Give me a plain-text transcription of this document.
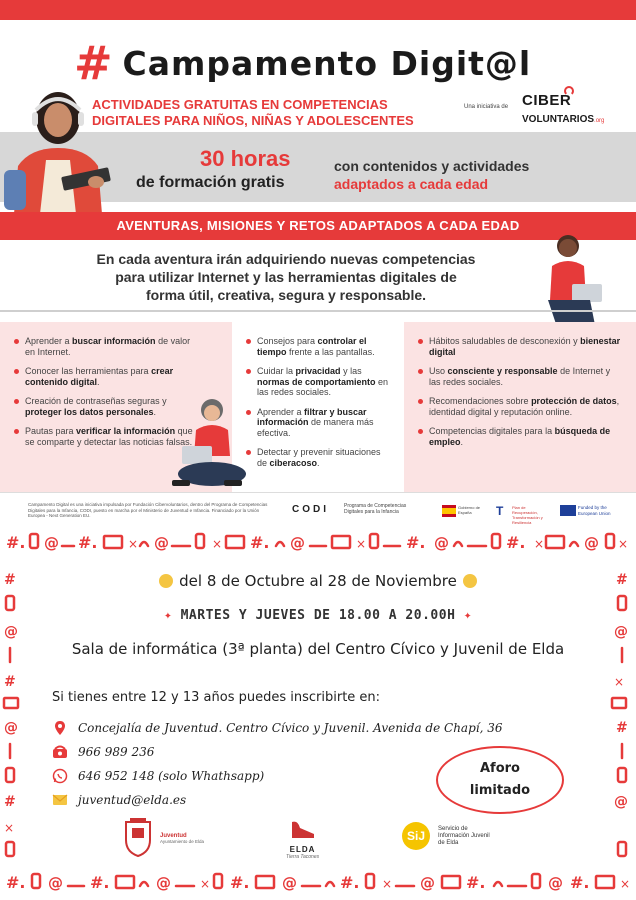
# Campamento Digit@l
ACTIVIDADES GRATUITAS EN COMPETENCIAS DIGITALES PARA NIÑOS, NIÑAS Y ADOLESCENTES
Una iniciativa de CIBER
VOLUNTARIOS.org
30 horas
de formación gratis
con contenidos y actividades
adaptados a cada edad
AVENTURAS, MISIONES Y RETOS ADAPTADOS A CADA EDAD
En cada aventura irán adquiriendo nuevas competencias para utilizar Internet y las herramientas digitales de forma útil, creativa, segura y responsable.
Aprender a buscar información de valor en Internet.
Conocer las herramientas para crear contenido digital.
Creación de contraseñas seguras y proteger los datos personales.
Pautas para verificar la información que se comparte y detectar las noticias falsas.
Consejos para controlar el tiempo frente a las pantallas.
Cuidar la privacidad y las normas de comportamiento en las redes sociales.
Aprender a filtrar y buscar información de manera más efectiva.
Detectar y prevenir situaciones de ciberacoso.
Hábitos saludables de desconexión y bienestar digital
Uso consciente y responsable de Internet y las redes sociales.
Recomendaciones sobre protección de datos, identidad digital y reputación online.
Competencias digitales para la búsqueda de empleo.
Campamento Digital es una iniciativa impulsada por Fundación Cibervoluntarios, dentro del Programa de Competencias Digitales para la Infancia, CODI, puesto en marcha por el Ministerio de Juventud e Infancia. Financiado por la Unión Europea - Next Generation EU.
CODI	Programa de Competencias Digitales para la Infancia
Gobierno de España	T Plan de Recuperación, Transformación y Resiliencia
Funded by the European Union
#. @ #.	× @	× #. @	× #. @	#. ×	@ ×
#
@
#
@
#
×
#
@
×
#
@
#. @ #.	@ × #. @	#. × @ #.	@ #.	×
del 8 de Octubre al 28 de Noviembre
✦ MARTES Y JUEVES DE 18.00 A 20.00H ✦
Sala de informática (3ª planta) del Centro Cívico y Juvenil de Elda
Si tienes entre 12 y 13 años puedes inscribirte en:
Concejalía de Juventud. Centro Cívico y Juvenil. Avenida de Chapí, 36
966 989 236
646 952 148 (solo Whathsapp)
juventud@elda.es
Aforo
limitado
Juventud
Ayuntamiento de Elda
ELDA
Tierra Tacones
SiJ
Servicio de Información Juvenil de Elda
